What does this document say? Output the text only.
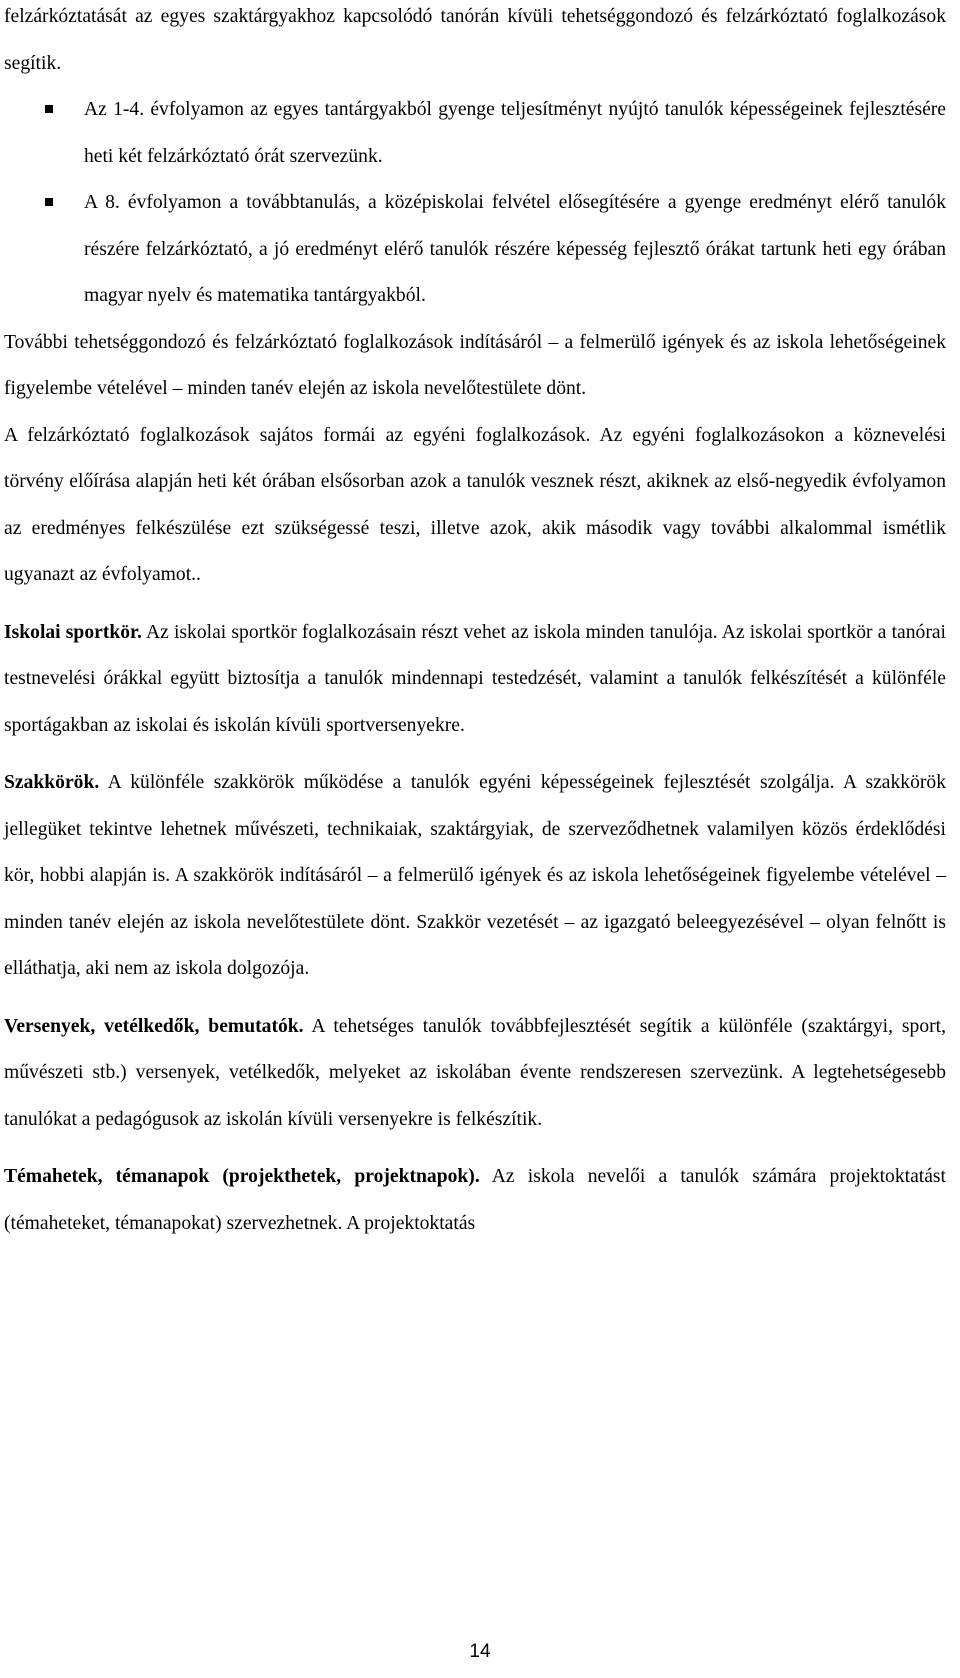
felzárkóztatását az egyes szaktárgyakhoz kapcsolódó tanórán kívüli tehetséggondozó és felzárkóztató foglalkozások segítik.

Az 1-4. évfolyamon az egyes tantárgyakból gyenge teljesítményt nyújtó tanulók képességeinek fejlesztésére heti két felzárkóztató órát szervezünk.
A 8. évfolyamon a továbbtanulás, a középiskolai felvétel elősegítésére a gyenge eredményt elérő tanulók részére felzárkóztató, a jó eredményt elérő tanulók részére képesség fejlesztő órákat tartunk heti egy órában magyar nyelv és matematika tantárgyakból.

További tehetséggondozó és felzárkóztató foglalkozások indításáról – a felmerülő igények és az iskola lehetőségeinek figyelembe vételével – minden tanév elején az iskola nevelőtestülete dönt.

A felzárkóztató foglalkozások sajátos formái az egyéni foglalkozások. Az egyéni foglalkozásokon a köznevelési törvény előírása alapján heti két órában elsősorban azok a tanulók vesznek részt, akiknek az első-negyedik évfolyamon az eredményes felkészülése ezt szükségessé teszi, illetve azok, akik második vagy további alkalommal ismétlik ugyanazt az évfolyamot..

Iskolai sportkör. Az iskolai sportkör foglalkozásain részt vehet az iskola minden tanulója. Az iskolai sportkör a tanórai testnevelési órákkal együtt biztosítja a tanulók mindennapi testedzését, valamint a tanulók felkészítését a különféle sportágakban az iskolai és iskolán kívüli sportversenyekre.

Szakkörök. A különféle szakkörök működése a tanulók egyéni képességeinek fejlesztését szolgálja. A szakkörök jellegüket tekintve lehetnek művészeti, technikaiak, szaktárgyiak, de szerveződhetnek valamilyen közös érdeklődési kör, hobbi alapján is. A szakkörök indításáról – a felmerülő igények és az iskola lehetőségeinek figyelembe vételével – minden tanév elején az iskola nevelőtestülete dönt. Szakkör vezetését – az igazgató beleegyezésével – olyan felnőtt is elláthatja, aki nem az iskola dolgozója.

Versenyek, vetélkedők, bemutatók. A tehetséges tanulók továbbfejlesztését segítik a különféle (szaktárgyi, sport, művészeti stb.) versenyek, vetélkedők, melyeket az iskolában évente rendszeresen szervezünk. A legtehetségesebb tanulókat a pedagógusok az iskolán kívüli versenyekre is felkészítik.

Témahetek, témanapok (projekthetek, projektnapok). Az iskola nevelői a tanulók számára projektoktatást (témaheteket, témanapokat) szervezhetnek. A projektoktatás

14
